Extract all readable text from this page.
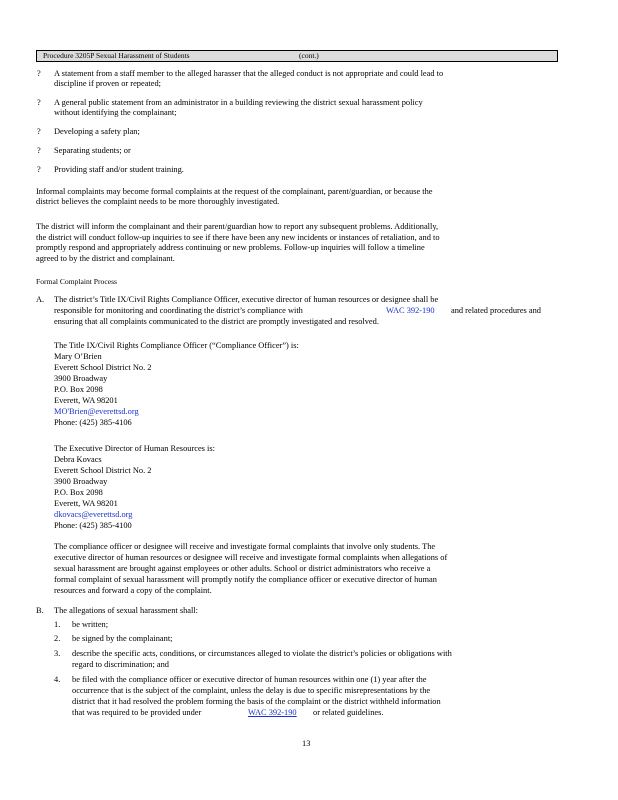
Procedure 3205P Sexual Harassment of Students	(cont.)
? A statement from a staff member to the alleged harasser that the alleged conduct is not appropriate and could lead to
discipline if proven or repeated;
? A general public statement from an administrator in a building reviewing the district sexual harassment policy
without identifying the complainant;
? Developing a safety plan;
? Separating students; or
? Providing staff and/or student training.
Informal complaints may become formal complaints at the request of the complainant, parent/guardian, or because the
district believes the complaint needs to be more thoroughly investigated.
The district will inform the complainant and their parent/guardian how to report any subsequent problems. Additionally,
the district will conduct follow-up inquiries to see if there have been any new incidents or instances of retaliation, and to
promptly respond and appropriately address continuing or new problems. Follow-up inquiries will follow a timeline
agreed to by the district and complainant.
Formal Complaint Process
A. The district’s Title IX/Civil Rights Compliance Officer, executive director of human resources or designee shall be
responsible for monitoring and coordinating the district’s compliance with	WAC 392-190 and related procedures and
ensuring that all complaints communicated to the district are promptly investigated and resolved.
The Title IX/Civil Rights Compliance Officer (“Compliance Officer”) is:
Mary O’Brien
Everett School District No. 2
3900 Broadway
P.O. Box 2098
Everett, WA 98201
MO'Brien@everettsd.org
Phone: (425) 385-4106
The Executive Director of Human Resources is:
Debra Kovacs
Everett School District No. 2
3900 Broadway
P.O. Box 2098
Everett, WA 98201
dkovacs@everettsd.org
Phone: (425) 385-4100
The compliance officer or designee will receive and investigate formal complaints that involve only students. The
executive director of human resources or designee will receive and investigate formal complaints when allegations of
sexual harassment are brought against employees or other adults. School or district administrators who receive a
formal complaint of sexual harassment will promptly notify the compliance officer or executive director of human
resources and forward a copy of the complaint.
B. The allegations of sexual harassment shall:
1. be written;
2. be signed by the complainant;
3. describe the specific acts, conditions, or circumstances alleged to violate the district’s policies or obligations with
regard to discrimination; and
4. be filed with the compliance officer or executive director of human resources within one (1) year after the
occurrence that is the subject of the complaint, unless the delay is due to specific misrepresentations by the
district that it had resolved the problem forming the basis of the complaint or the district withheld information
that was required to be provided under	WAC 392-190 or related guidelines.
13
